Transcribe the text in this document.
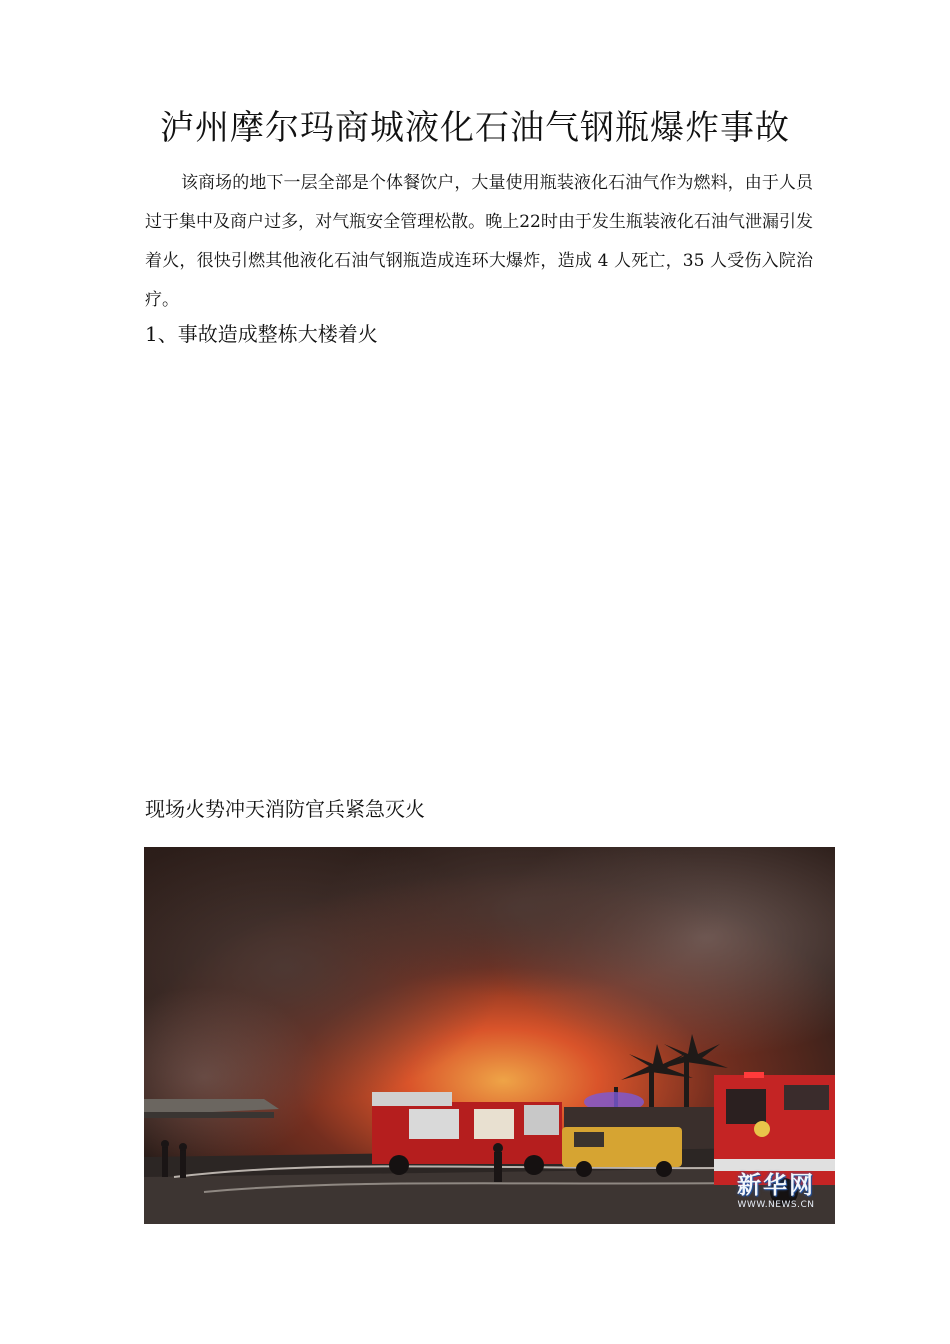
泸州摩尔玛商城液化石油气钢瓶爆炸事故

该商场的地下一层全部是个体餐饮户，大量使用瓶装液化石油气作为燃料，由于人员过于集中及商户过多，对气瓶安全管理松散。晚上22时由于发生瓶装液化石油气泄漏引发着火，很快引燃其他液化石油气钢瓶造成连环大爆炸，造成 4 人死亡，35 人受伤入院治疗。

1、事故造成整栋大楼着火
现场火势冲天消防官兵紧急灭火
新华网
WWW.NEWS.CN
